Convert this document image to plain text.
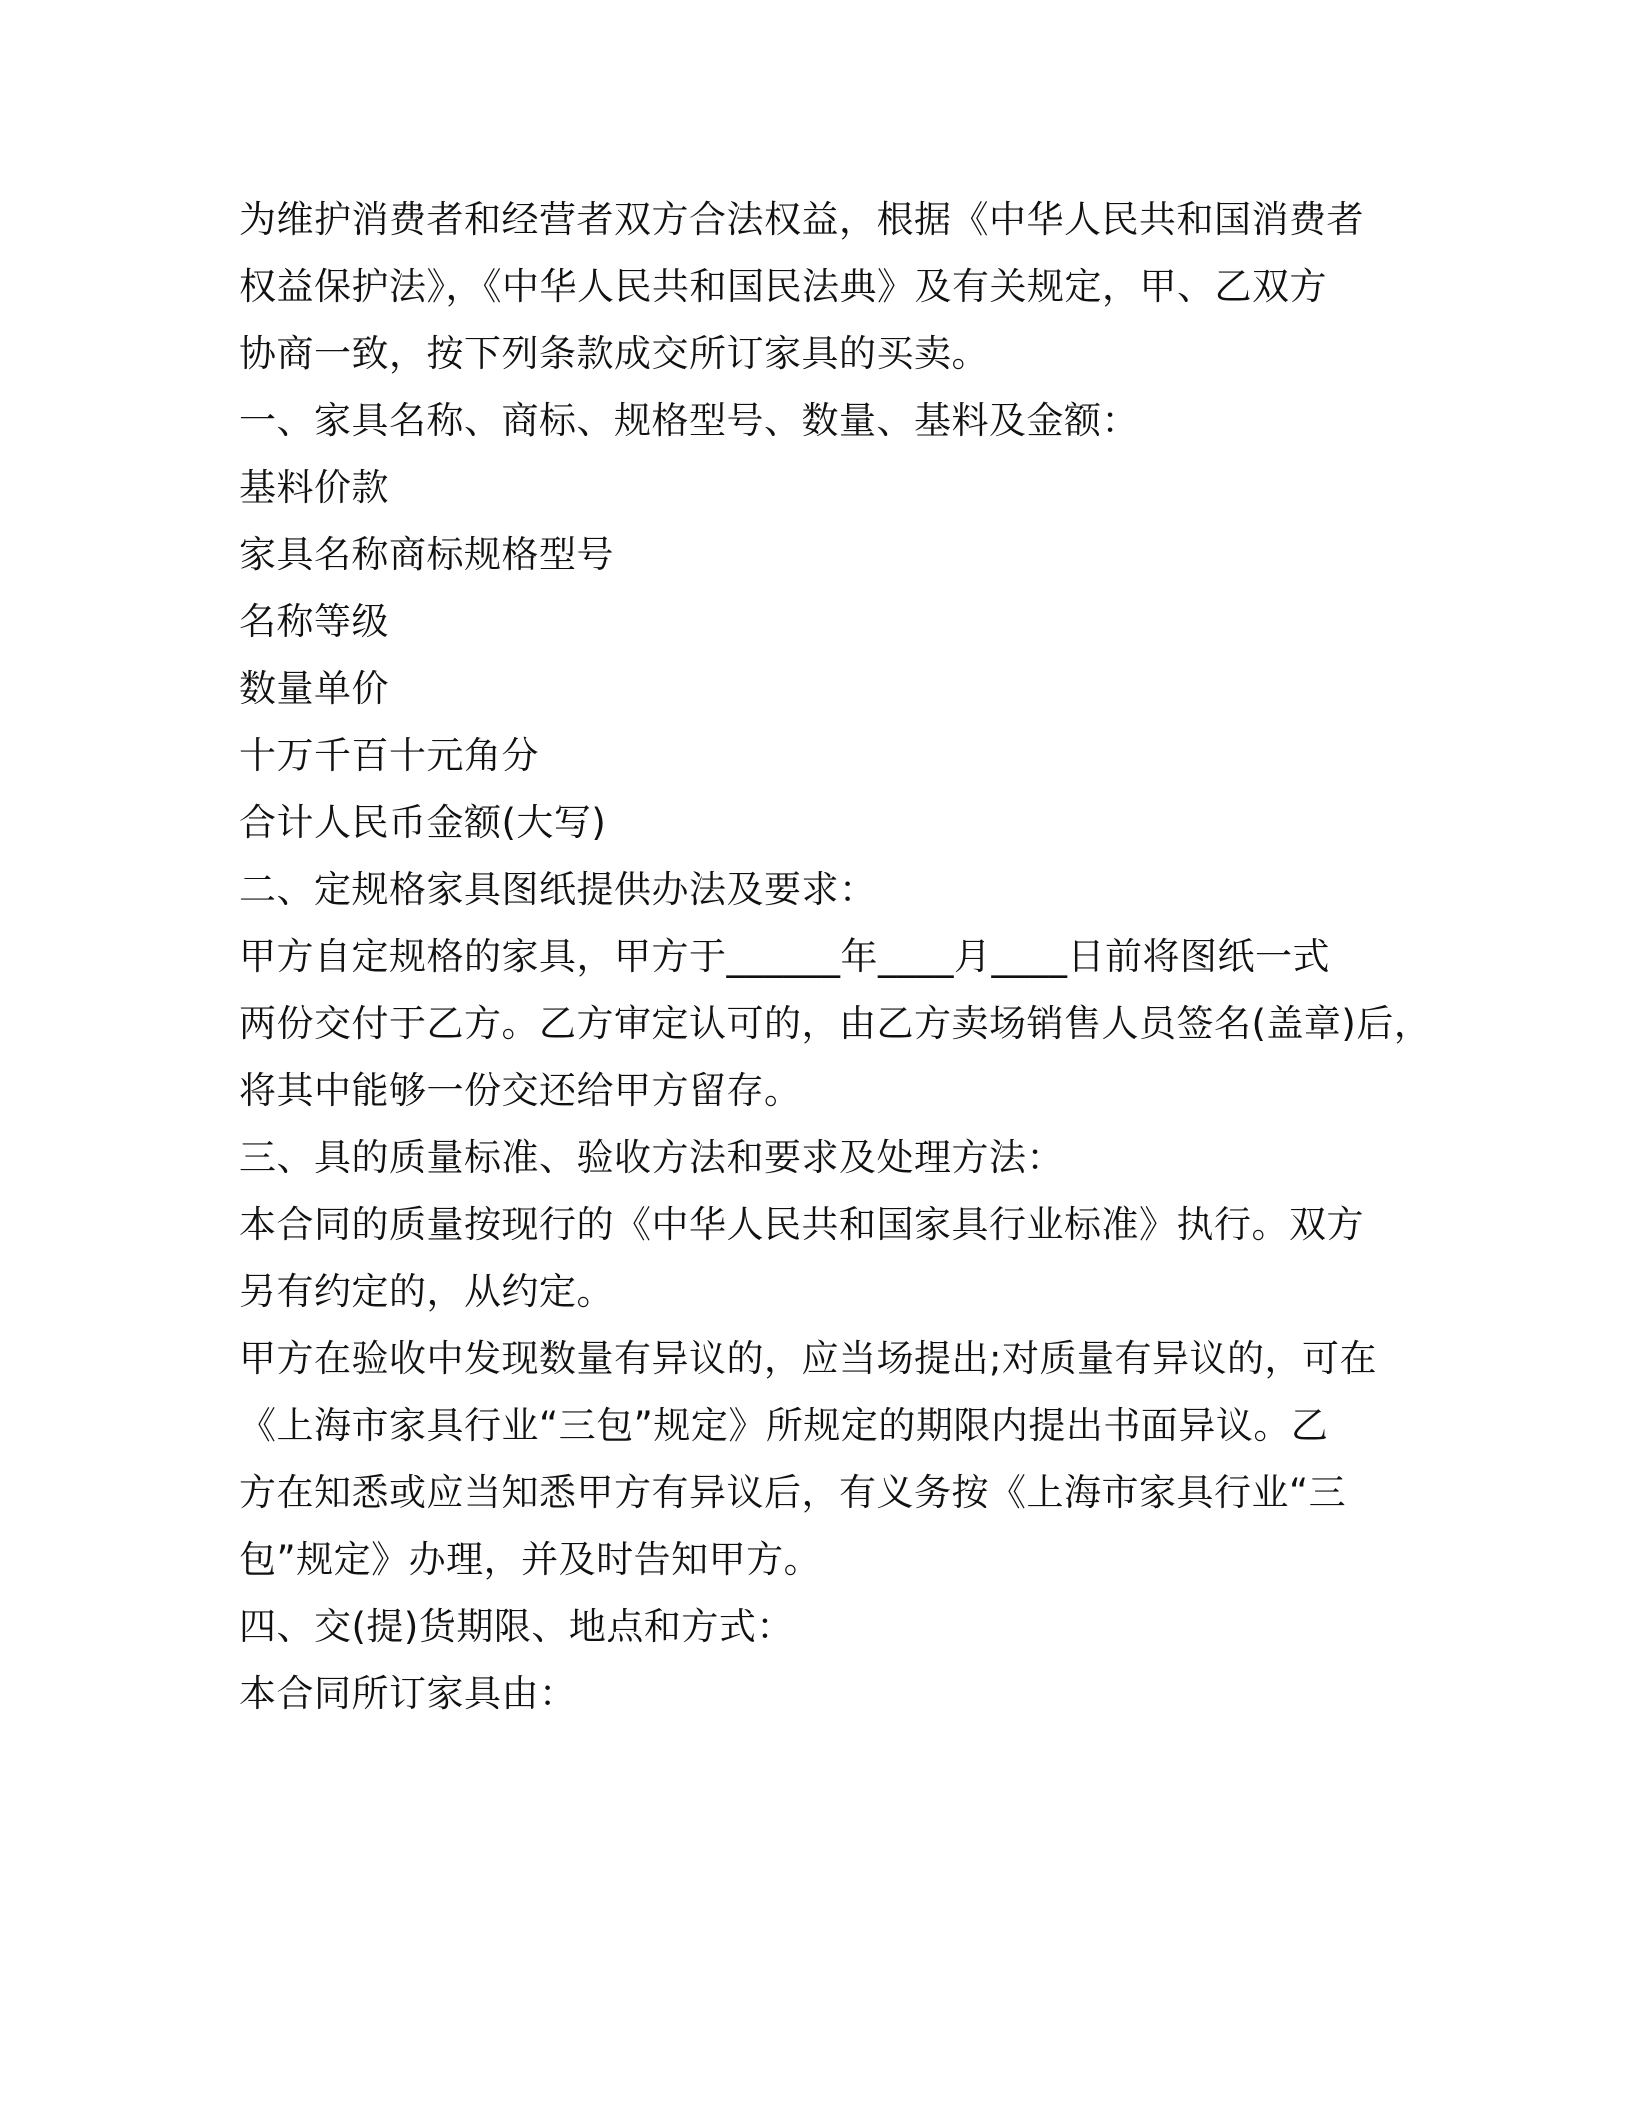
为维护消费者和经营者双方合法权益，根据《中华人民共和国消费者
权益保护法》，《中华人民共和国民法典》及有关规定，甲、乙双方
协商一致，按下列条款成交所订家具的买卖。
一、家具名称、商标、规格型号、数量、基料及金额：
基料价款
家具名称商标规格型号
名称等级
数量单价
十万千百十元角分
合计人民币金额(大写)
二、定规格家具图纸提供办法及要求：
甲方自定规格的家具，甲方于______年____月____日前将图纸一式
两份交付于乙方。乙方审定认可的，由乙方卖场销售人员签名(盖章)后，
将其中能够一份交还给甲方留存。
三、具的质量标准、验收方法和要求及处理方法：
本合同的质量按现行的《中华人民共和国家具行业标准》执行。双方
另有约定的，从约定。
甲方在验收中发现数量有异议的，应当场提出;对质量有异议的，可在
《上海市家具行业“三包”规定》所规定的期限内提出书面异议。乙
方在知悉或应当知悉甲方有异议后，有义务按《上海市家具行业“三
包”规定》办理，并及时告知甲方。
四、交(提)货期限、地点和方式：
本合同所订家具由：
